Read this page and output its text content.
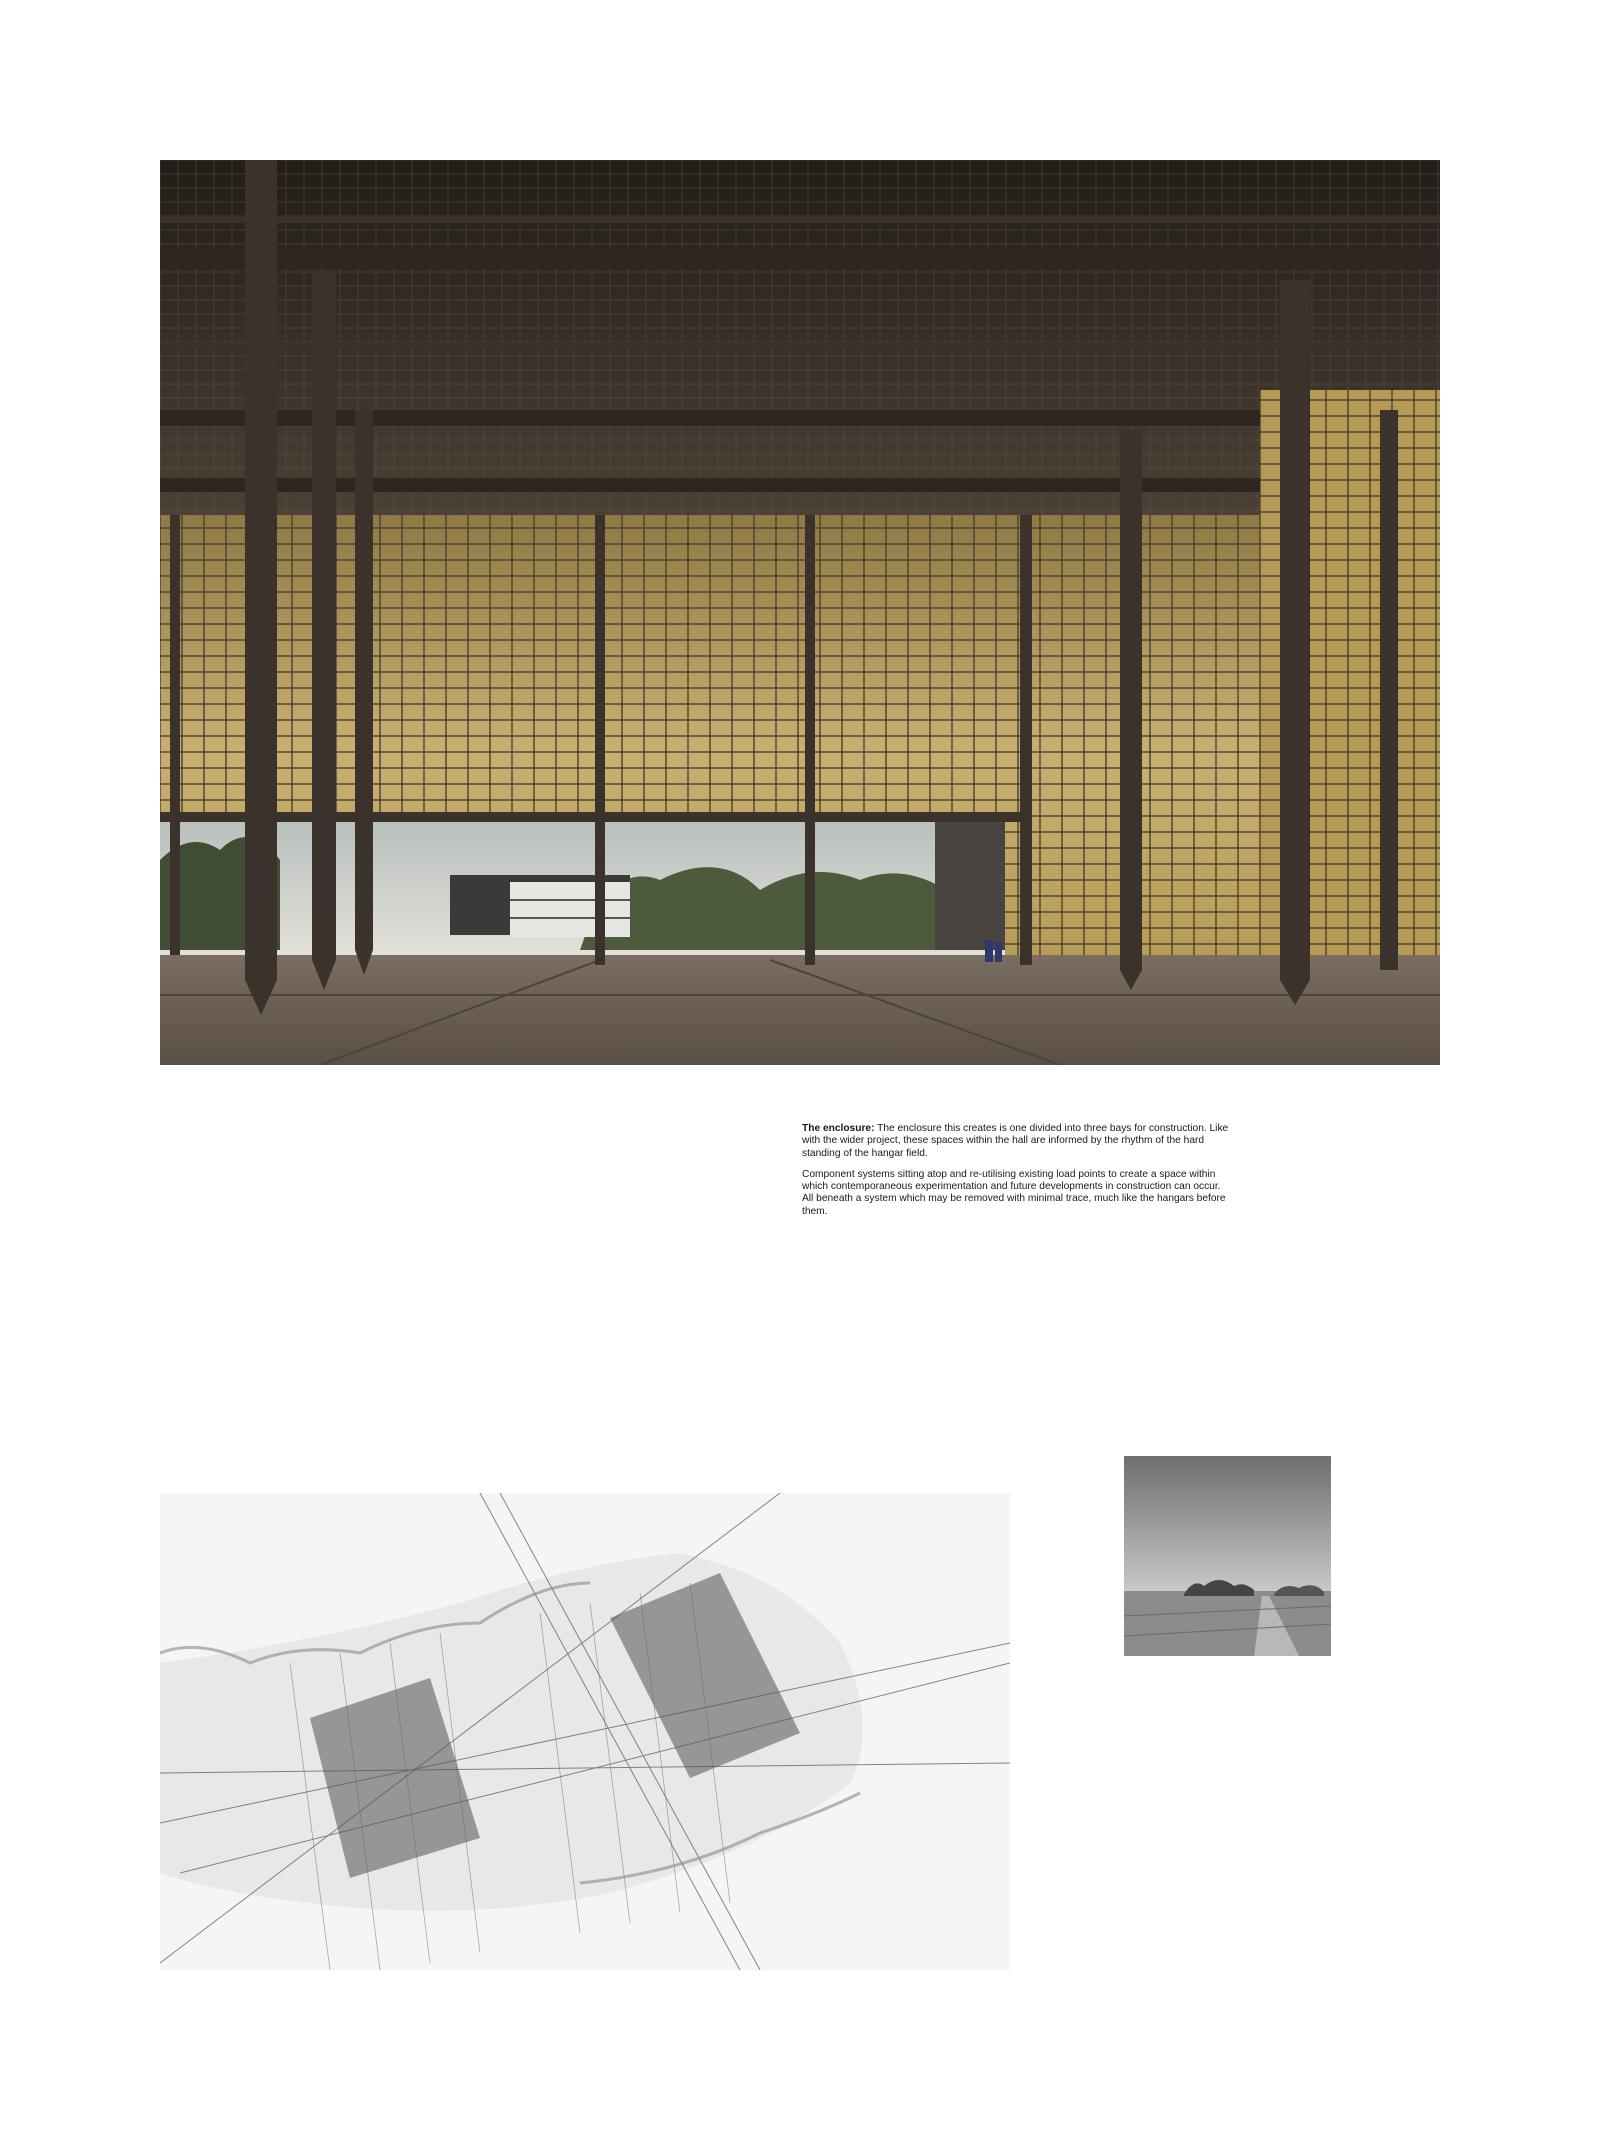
The enclosure: The enclosure this creates is one divided into three bays for construction. Like with the wider project, these spaces within the hall are informed by the rhythm of the hard standing of the hangar field.

Component systems sitting atop and re-utilising existing load points to create a space within which contemporaneous experimentation and future developments in construction can occur. All beneath a system which may be removed with minimal trace, much like the hangars before them.
